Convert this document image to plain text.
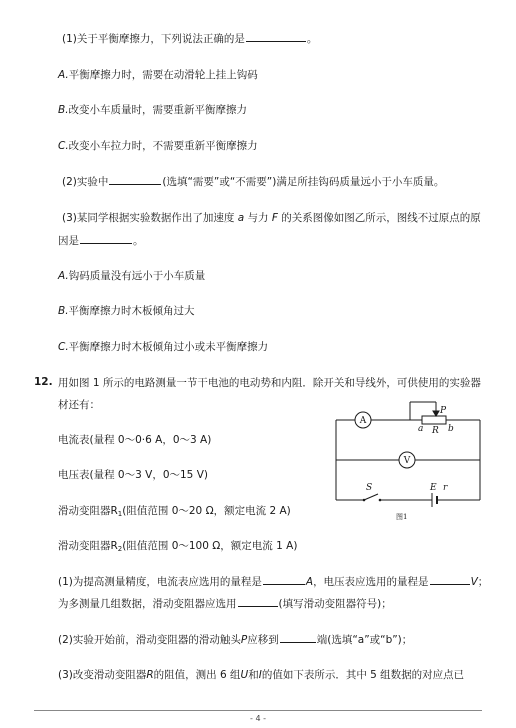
(1)关于平衡摩擦力，下列说法正确的是	。
A.平衡摩擦力时，需要在动滑轮上挂上钩码
B.改变小车质量时，需要重新平衡摩擦力
C.改变小车拉力时，不需要重新平衡摩擦力
(2)实验中	(选填“需要”或“不需要”)满足所挂钩码质量远小于小车质量。
(3)某同学根据实验数据作出了加速度 a 与力 F 的关系图像如图乙所示，图线不过原点的原
因是	。
A.钩码质量没有远小于小车质量
B.平衡摩擦力时木板倾角过大
C.平衡摩擦力时木板倾角过小或未平衡摩擦力
12. 用如图 1 所示的电路测量一节干电池的电动势和内阻．除开关和导线外，可供使用的实验器
材还有：
电流表(量程 0～0·6 A，0～3 A)
电压表(量程 0～3 V，0～15 V)
滑动变阻器$R_1$(阻值范围 0～20 Ω，额定电流 2 A)
滑动变阻器$R_2$(阻值范围 0～100 Ω，额定电流 1 A)
(1)为提高测量精度，电流表应选用的量程是	A，电压表应选用的量程是	V；
为多测量几组数据，滑动变阻器应选用	(填写滑动变阻器符号)；
(2)实验开始前，滑动变阻器的滑动触头P应移到	端(选填“a”或“b”)；
(3)改变滑动变阻器R的阻值，测出 6 组U和I的值如下表所示．其中 5 组数据的对应点已
A
V
P
a R b
S	E r
图1
- 4 -
